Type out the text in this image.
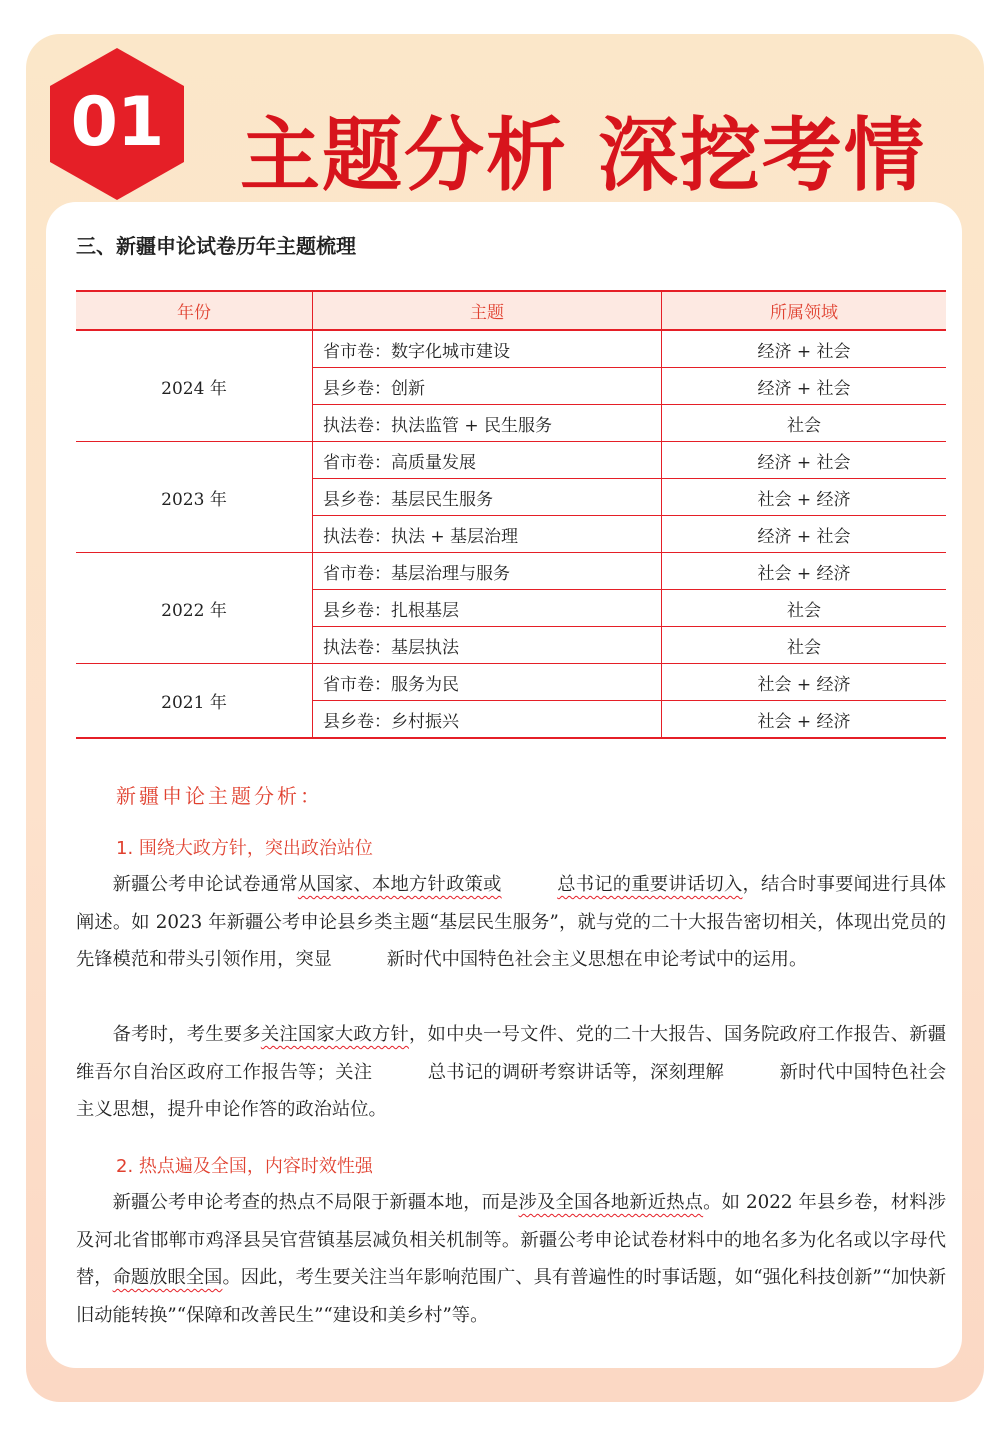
01 主题分析 深挖考情
三、新疆申论试卷历年主题梳理
年份	主题	所属领域
2024 年	省市卷：数字化城市建设	经济 + 社会
	县乡卷：创新	经济 + 社会
	执法卷：执法监管 + 民生服务	社会
2023 年	省市卷：高质量发展	经济 + 社会
	县乡卷：基层民生服务	社会 + 经济
	执法卷：执法 + 基层治理	经济 + 社会
2022 年	省市卷：基层治理与服务	社会 + 经济
	县乡卷：扎根基层	社会
	执法卷：基层执法	社会
2021 年	省市卷：服务为民	社会 + 经济
	县乡卷：乡村振兴	社会 + 经济
新疆申论主题分析：
1. 围绕大政方针，突出政治站位
新疆公考申论试卷通常从国家、本地方针政策或　　　	总书记的重要讲话切入，结合时事要闻进行具体阐述。如 2023 年新疆公考申论县乡类主题“基层民生服务”，就与党的二十大报告密切相关，体现出党员的先锋模范和带头引领作用，突显　　　新时代中国特色社会主义思想在申论考试中的运用。
备考时，考生要多关注国家大政方针，如中央一号文件、党的二十大报告、国务院政府工作报告、新疆维吾尔自治区政府工作报告等；关注　　　总书记的调研考察讲话等，深刻理解　　　新时代中国特色社会主义思想，提升申论作答的政治站位。
2. 热点遍及全国，内容时效性强
新疆公考申论考查的热点不局限于新疆本地，而是涉及全国各地新近热点。如 2022 年县乡卷，材料涉及河北省邯郸市鸡泽县吴官营镇基层减负相关机制等。新疆公考申论试卷材料中的地名多为化名或以字母代替，命题放眼全国。因此，考生要关注当年影响范围广、具有普遍性的时事话题，如“强化科技创新”“加快新旧动能转换”“保障和改善民生”“建设和美乡村”等。
